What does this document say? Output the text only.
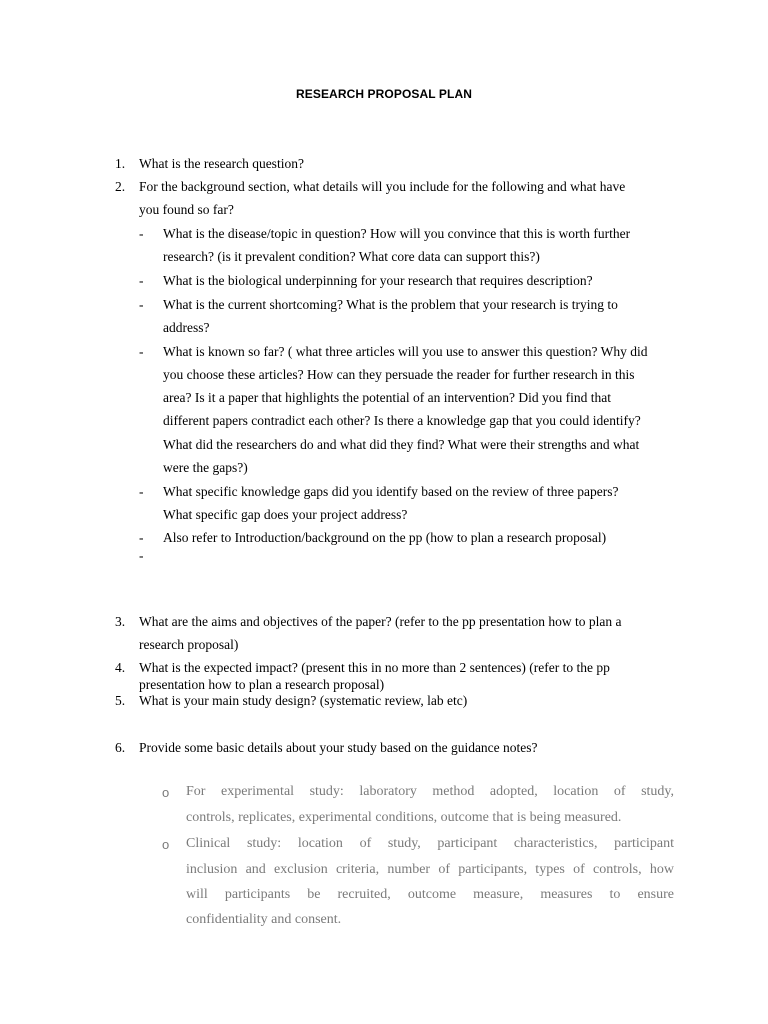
RESEARCH PROPOSAL PLAN
1. What is the research question?
2. For the background section, what details will you include for the following and what have
you found so far?
- What is the disease/topic in question? How will you convince that this is worth further
research? (is it prevalent condition? What core data can support this?)
- What is the biological underpinning for your research that requires description?
- What is the current shortcoming? What is the problem that your research is trying to
address?
- What is known so far? ( what three articles will you use to answer this question? Why did
you choose these articles? How can they persuade the reader for further research in this
area? Is it a paper that highlights the potential of an intervention? Did you find that
different papers contradict each other? Is there a knowledge gap that you could identify?
What did the researchers do and what did they find? What were their strengths and what
were the gaps?)
- What specific knowledge gaps did you identify based on the review of three papers?
What specific gap does your project address?
- Also refer to Introduction/background on the pp (how to plan a research proposal)
-
3. What are the aims and objectives of the paper? (refer to the pp presentation how to plan a
research proposal)
4. What is the expected impact? (present this in no more than 2 sentences) (refer to the pp
presentation how to plan a research proposal)
5. What is your main study design? (systematic review, lab etc)
6. Provide some basic details about your study based on the guidance notes?
o For experimental study: laboratory method adopted, location of study,
controls, replicates, experimental conditions, outcome that is being measured.
o Clinical study: location of study, participant characteristics, participant
inclusion and exclusion criteria, number of participants, types of controls, how
will participants be recruited, outcome measure, measures to ensure
confidentiality and consent.
